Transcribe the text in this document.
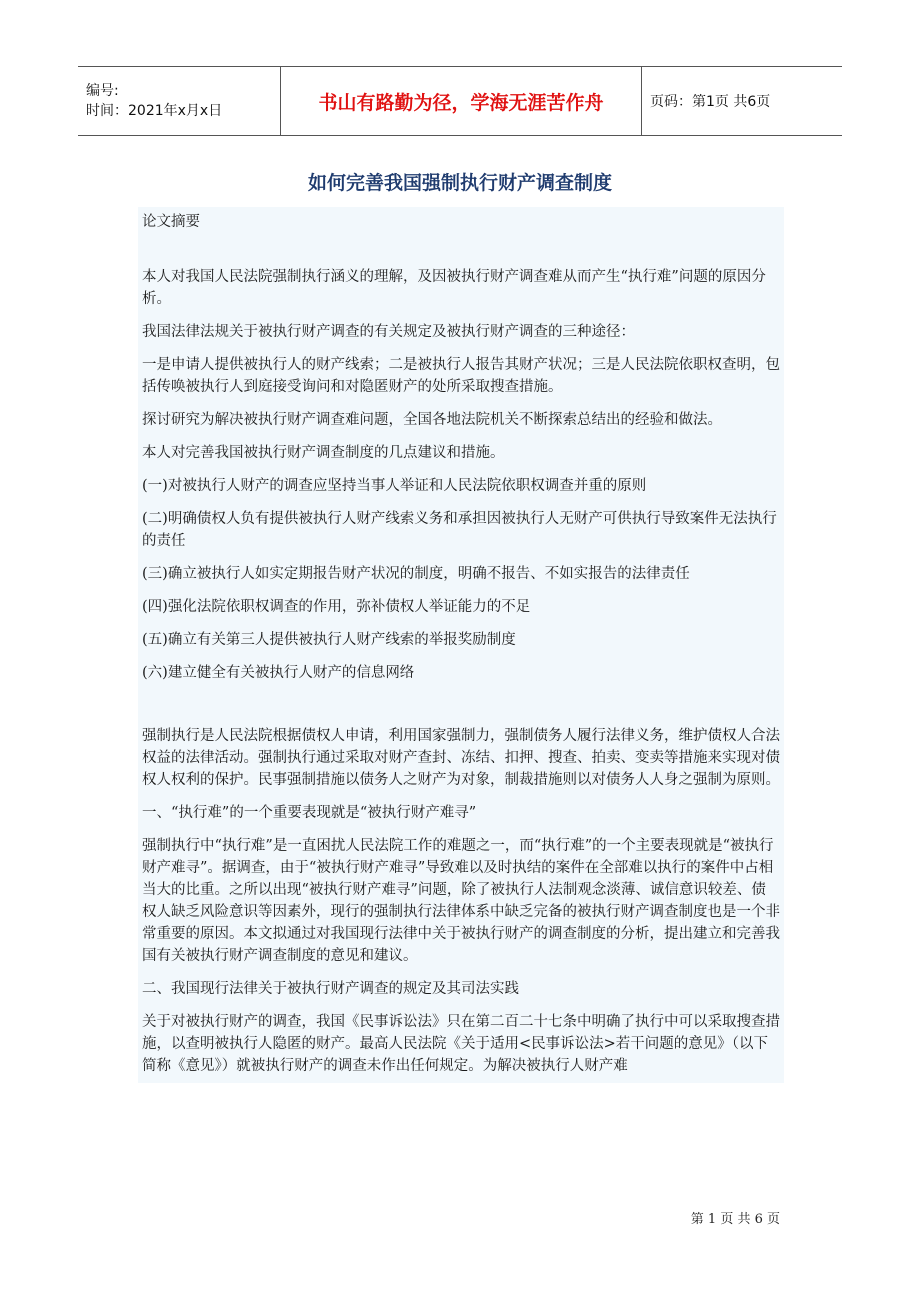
编号:
时间：2021年x月x日	书山有路勤为径，学海无涯苦作舟	页码：第1页 共6页
如何完善我国强制执行财产调查制度

论文摘要

本人对我国人民法院强制执行涵义的理解，及因被执行财产调查难从而产生“执行难”问题的原因分析。

我国法律法规关于被执行财产调查的有关规定及被执行财产调查的三种途径：

一是申请人提供被执行人的财产线索；二是被执行人报告其财产状况；三是人民法院依职权查明，包括传唤被执行人到庭接受询问和对隐匿财产的处所采取搜查措施。

探讨研究为解决被执行财产调查难问题，全国各地法院机关不断探索总结出的经验和做法。

本人对完善我国被执行财产调查制度的几点建议和措施。

(一)对被执行人财产的调查应坚持当事人举证和人民法院依职权调查并重的原则

(二)明确债权人负有提供被执行人财产线索义务和承担因被执行人无财产可供执行导致案件无法执行的责任

(三)确立被执行人如实定期报告财产状况的制度，明确不报告、不如实报告的法律责任

(四)强化法院依职权调查的作用，弥补债权人举证能力的不足

(五)确立有关第三人提供被执行人财产线索的举报奖励制度

(六)建立健全有关被执行人财产的信息网络

强制执行是人民法院根据债权人申请，利用国家强制力，强制债务人履行法律义务，维护债权人合法权益的法律活动。强制执行通过采取对财产查封、冻结、扣押、搜查、拍卖、变卖等措施来实现对债权人权利的保护。民事强制措施以债务人之财产为对象，制裁措施则以对债务人人身之强制为原则。

一、“执行难”的一个重要表现就是“被执行财产难寻”

强制执行中“执行难”是一直困扰人民法院工作的难题之一，而“执行难”的一个主要表现就是“被执行财产难寻”。据调查，由于“被执行财产难寻”导致难以及时执结的案件在全部难以执行的案件中占相当大的比重。之所以出现“被执行财产难寻”问题，除了被执行人法制观念淡薄、诚信意识较差、债权人缺乏风险意识等因素外，现行的强制执行法律体系中缺乏完备的被执行财产调查制度也是一个非常重要的原因。本文拟通过对我国现行法律中关于被执行财产的调查制度的分析，提出建立和完善我国有关被执行财产调查制度的意见和建议。

二、我国现行法律关于被执行财产调查的规定及其司法实践

关于对被执行财产的调查，我国《民事诉讼法》只在第二百二十七条中明确了执行中可以采取搜查措施，以查明被执行人隐匿的财产。最高人民法院《关于适用<民事诉讼法>若干问题的意见》（以下简称《意见》）就被执行财产的调查未作出任何规定。为解决被执行人财产难

第 1 页 共 6 页
